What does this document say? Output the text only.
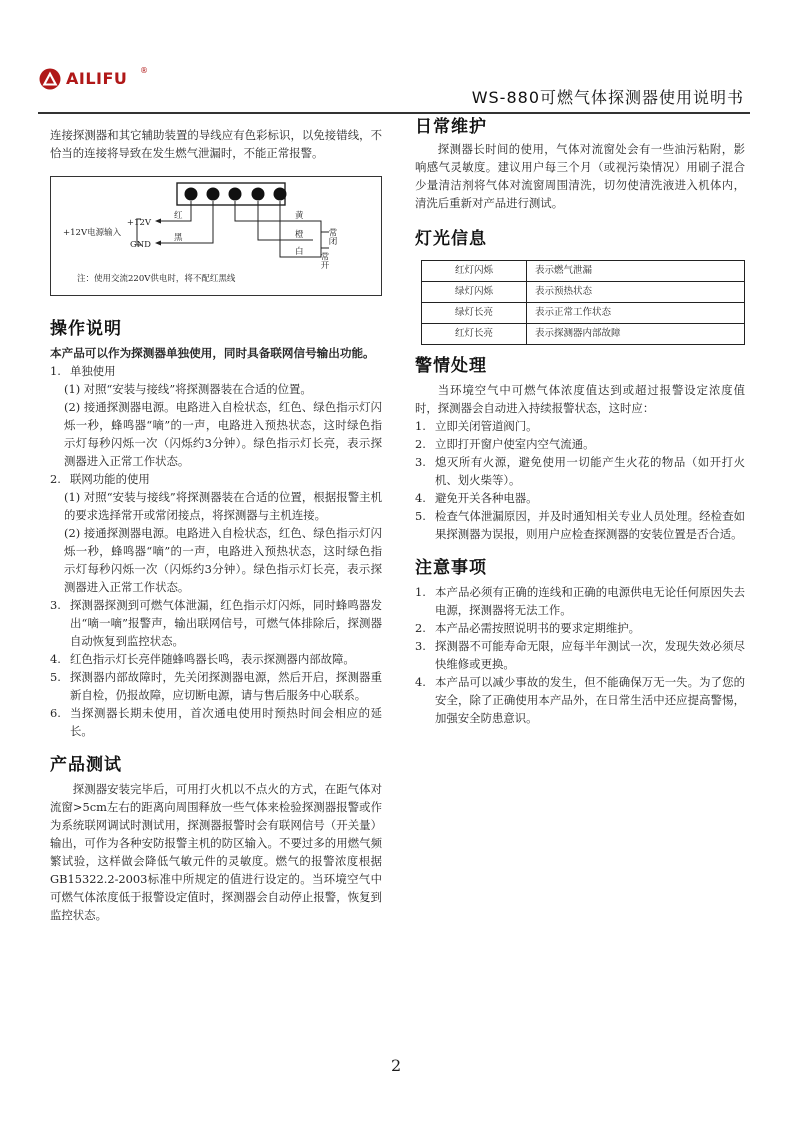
AILIFU ®
WS-880可燃气体探测器使用说明书

连接探测器和其它辅助装置的导线应有色彩标识，以免接错线，不恰当的连接将导致在发生燃气泄漏时，不能正常报警。

+12V
GND
+12V电源输入
红
黑
黄
橙
白
常闭
常开
注：使用交流220V供电时，将不配红黑线
操作说明

本产品可以作为探测器单独使用，同时具备联网信号输出功能。

1. 单独使用

(1) 对照“安装与接线”将探测器装在合适的位置。

(2) 接通探测器电源。电路进入自检状态，红色、绿色指示灯闪烁一秒，蜂鸣器“嘀”的一声，电路进入预热状态，这时绿色指示灯每秒闪烁一次（闪烁约3分钟）。绿色指示灯长亮，表示探测器进入正常工作状态。

2. 联网功能的使用

(1) 对照“安装与接线”将探测器装在合适的位置，根据报警主机的要求选择常开或常闭接点，将探测器与主机连接。

(2) 接通探测器电源。电路进入自检状态，红色、绿色指示灯闪烁一秒，蜂鸣器“嘀”的一声，电路进入预热状态，这时绿色指示灯每秒闪烁一次（闪烁约3分钟）。绿色指示灯长亮，表示探测器进入正常工作状态。

3. 探测器探测到可燃气体泄漏，红色指示灯闪烁，同时蜂鸣器发出“嘀一嘀”报警声，输出联网信号，可燃气体排除后，探测器自动恢复到监控状态。
4. 红色指示灯长亮伴随蜂鸣器长鸣，表示探测器内部故障。
5. 探测器内部故障时，先关闭探测器电源，然后开启，探测器重新自检，仍报故障，应切断电源，请与售后服务中心联系。
6. 当探测器长期未使用，首次通电使用时预热时间会相应的延长。
产品测试

探测器安装完毕后，可用打火机以不点火的方式，在距气体对流窗>5cm左右的距离向周围释放一些气体来检验探测器报警或作为系统联网调试时测试用，探测器报警时会有联网信号（开关量）输出，可作为各种安防报警主机的防区输入。不要过多的用燃气频繁试验，这样做会降低气敏元件的灵敏度。燃气的报警浓度根据GB15322.2-2003标准中所规定的值进行设定的。当环境空气中可燃气体浓度低于报警设定值时，探测器会自动停止报警，恢复到监控状态。

日常维护

探测器长时间的使用，气体对流窗处会有一些油污粘附，影响感气灵敏度。建议用户每三个月（或视污染情况）用刷子混合少量清洁剂将气体对流窗周围清洗，切勿使清洗液进入机体内，清洗后重新对产品进行测试。

灯光信息
红灯闪烁	表示燃气泄漏
绿灯闪烁	表示预热状态
绿灯长亮	表示正常工作状态
红灯长亮	表示探测器内部故障
警情处理

当环境空气中可燃气体浓度值达到或超过报警设定浓度值时，探测器会自动进入持续报警状态，这时应：

1. 立即关闭管道阀门。
2. 立即打开窗户使室内空气流通。
3. 熄灭所有火源，避免使用一切能产生火花的物品（如开打火机、划火柴等）。
4. 避免开关各种电器。
5. 检查气体泄漏原因，并及时通知相关专业人员处理。经检查如果探测器为误报，则用户应检查探测器的安装位置是否合适。
注意事项
1. 本产品必须有正确的连线和正确的电源供电无论任何原因失去电源，探测器将无法工作。
2. 本产品必需按照说明书的要求定期维护。
3. 探测器不可能寿命无限，应每半年测试一次，发现失效必须尽快维修或更换。
4. 本产品可以减少事故的发生，但不能确保万无一失。为了您的安全，除了正确使用本产品外，在日常生活中还应提高警惕，加强安全防患意识。
2
